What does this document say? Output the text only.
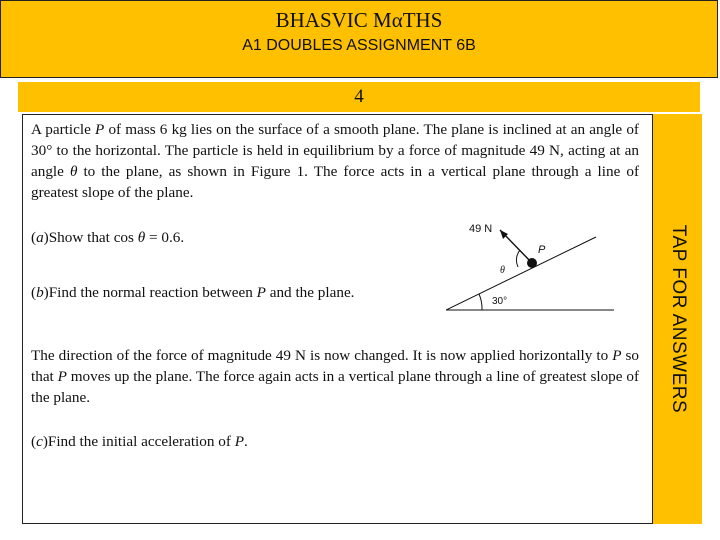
BHASVIC MαTHS
A1 DOUBLES ASSIGNMENT 6B
4

A particle P of mass 6 kg lies on the surface of a smooth plane. The plane is inclined at an angle of 30° to the horizontal. The particle is held in equilibrium by a force of magnitude 49 N, acting at an angle θ to the plane, as shown in Figure 1. The force acts in a vertical plane through a line of greatest slope of the plane.

(a)Show that cos θ = 0.6.
(b)Find the normal reaction between P and the plane.

The direction of the force of magnitude 49 N is now changed. It is now applied horizontally to P so that P moves up the plane. The force again acts in a vertical plane through a line of greatest slope of the plane.

(c)Find the initial acceleration of P.
30°
θ
49 N
P	TAP FOR ANSWERS
